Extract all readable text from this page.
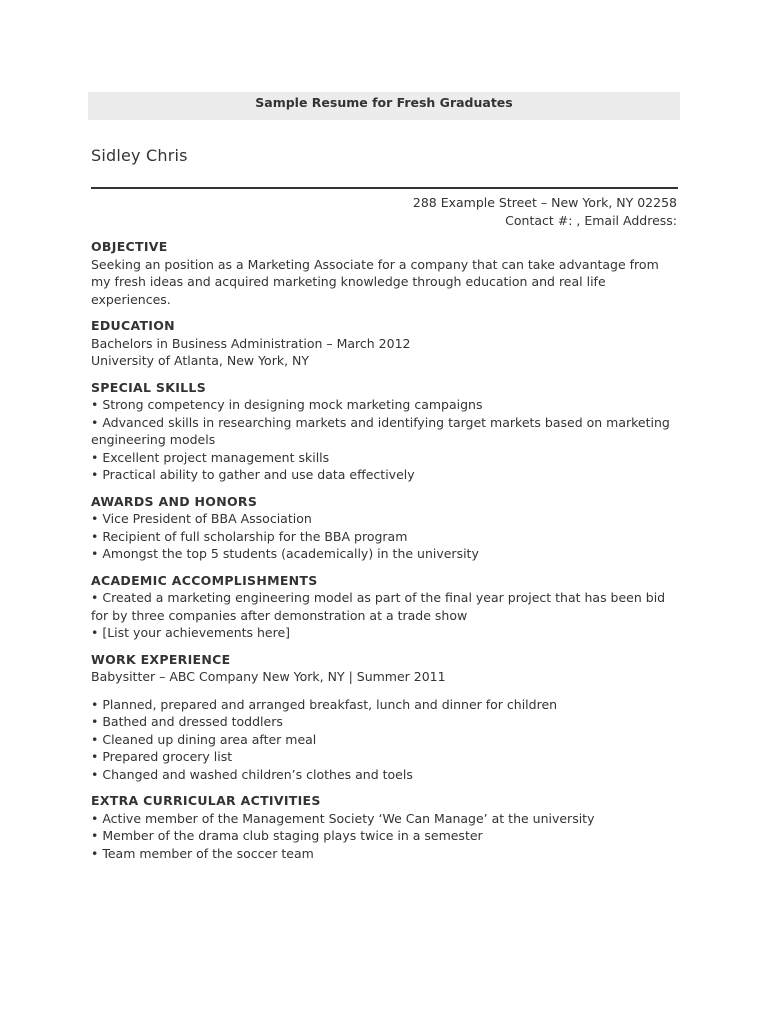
Sample Resume for Fresh Graduates
Sidley Chris
288 Example Street – New York, NY 02258
Contact #: , Email Address:
OBJECTIVE

Seeking an position as a Marketing Associate for a company that can take advantage from my fresh ideas and acquired marketing knowledge through education and real life experiences.

EDUCATION

Bachelors in Business Administration – March 2012

University of Atlanta, New York, NY

SPECIAL SKILLS
• Strong competency in designing mock marketing campaigns
• Advanced skills in researching markets and identifying target markets based on marketing engineering models
• Excellent project management skills
• Practical ability to gather and use data effectively
AWARDS AND HONORS
• Vice President of BBA Association
• Recipient of full scholarship for the BBA program
• Amongst the top 5 students (academically) in the university
ACADEMIC ACCOMPLISHMENTS
• Created a marketing engineering model as part of the final year project that has been bid for by three companies after demonstration at a trade show
• [List your achievements here]
WORK EXPERIENCE

Babysitter – ABC Company New York, NY | Summer 2011

• Planned, prepared and arranged breakfast, lunch and dinner for children
• Bathed and dressed toddlers
• Cleaned up dining area after meal
• Prepared grocery list
• Changed and washed children’s clothes and toels
EXTRA CURRICULAR ACTIVITIES
• Active member of the Management Society ‘We Can Manage’ at the university
• Member of the drama club staging plays twice in a semester
• Team member of the soccer team
